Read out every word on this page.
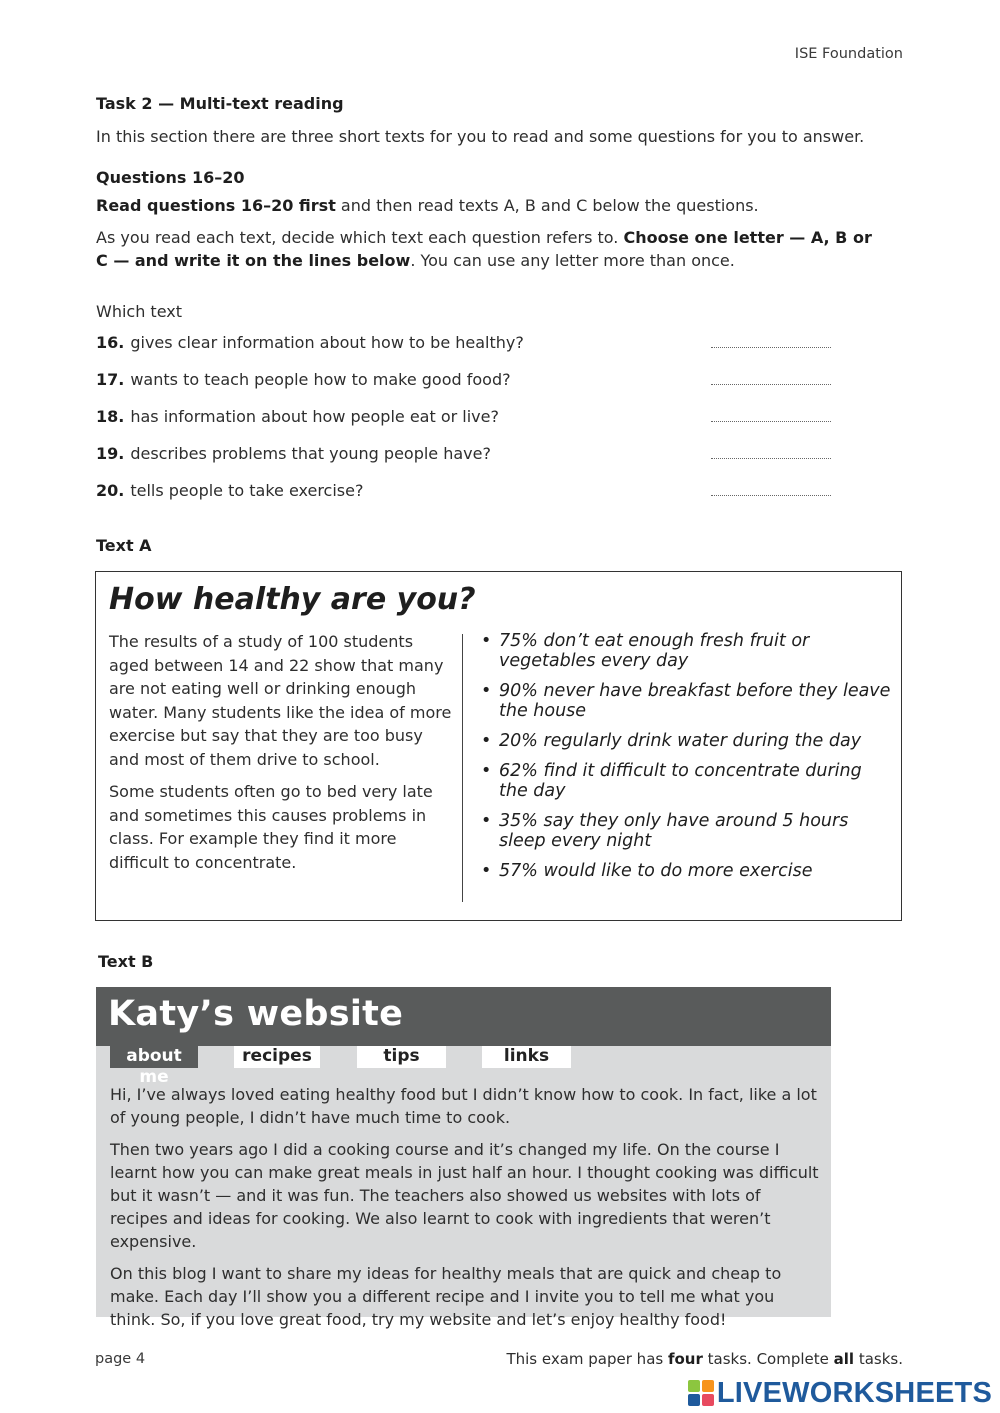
ISE Foundation
Task 2 — Multi-text reading
In this section there are three short texts for you to read and some questions for you to answer.
Questions 16–20
Read questions 16–20 first and then read texts A, B and C below the questions.
As you read each text, decide which text each question refers to. Choose one letter — A, B or C — and write it on the lines below. You can use any letter more than once.
Which text
16. gives clear information about how to be healthy?
17. wants to teach people how to make good food?
18. has information about how people eat or live?
19. describes problems that young people have?
20. tells people to take exercise?
Text A
How healthy are you?

The results of a study of 100 students aged between 14 and 22 show that many are not eating well or drinking enough water. Many students like the idea of more exercise but say that they are too busy and most of them drive to school.

Some students often go to bed very late and sometimes this causes problems in class. For example they find it more difficult to concentrate.

• 75% don’t eat enough fresh fruit or vegetables every day
• 90% never have breakfast before they leave the house
• 20% regularly drink water during the day
• 62% find it difficult to concentrate during the day
• 35% say they only have around 5 hours sleep every night
• 57% would like to do more exercise
Text B
Katy’s website
about me
recipes	tips	links

Hi, I’ve always loved eating healthy food but I didn’t know how to cook. In fact, like a lot of young people, I didn’t have much time to cook.

Then two years ago I did a cooking course and it’s changed my life. On the course I learnt how you can make great meals in just half an hour. I thought cooking was difficult but it wasn’t — and it was fun. The teachers also showed us websites with lots of recipes and ideas for cooking. We also learnt to cook with ingredients that weren’t expensive.

On this blog I want to share my ideas for healthy meals that are quick and cheap to make. Each day I’ll show you a different recipe and I invite you to tell me what you think. So, if you love great food, try my website and let’s enjoy healthy food!

page 4	This exam paper has four tasks. Complete all tasks.
LIVEWORKSHEETS
